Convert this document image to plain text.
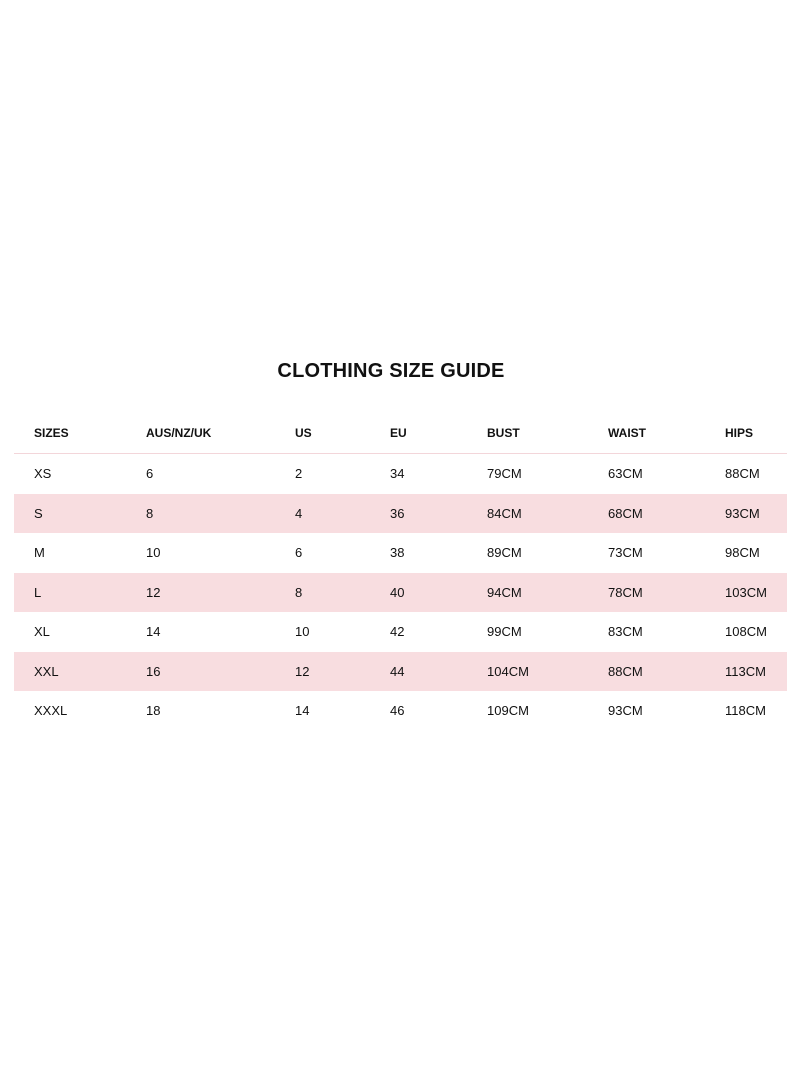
CLOTHING SIZE GUIDE
SIZES	AUS/NZ/UK	US	EU	BUST	WAIST	HIPS
XS	6	2	34	79CM	63CM	88CM
S	8	4	36	84CM	68CM	93CM
M	10	6	38	89CM	73CM	98CM
L	12	8	40	94CM	78CM	103CM
XL	14	10	42	99CM	83CM	108CM
XXL	16	12	44	104CM	88CM	113CM
XXXL	18	14	46	109CM	93CM	118CM
